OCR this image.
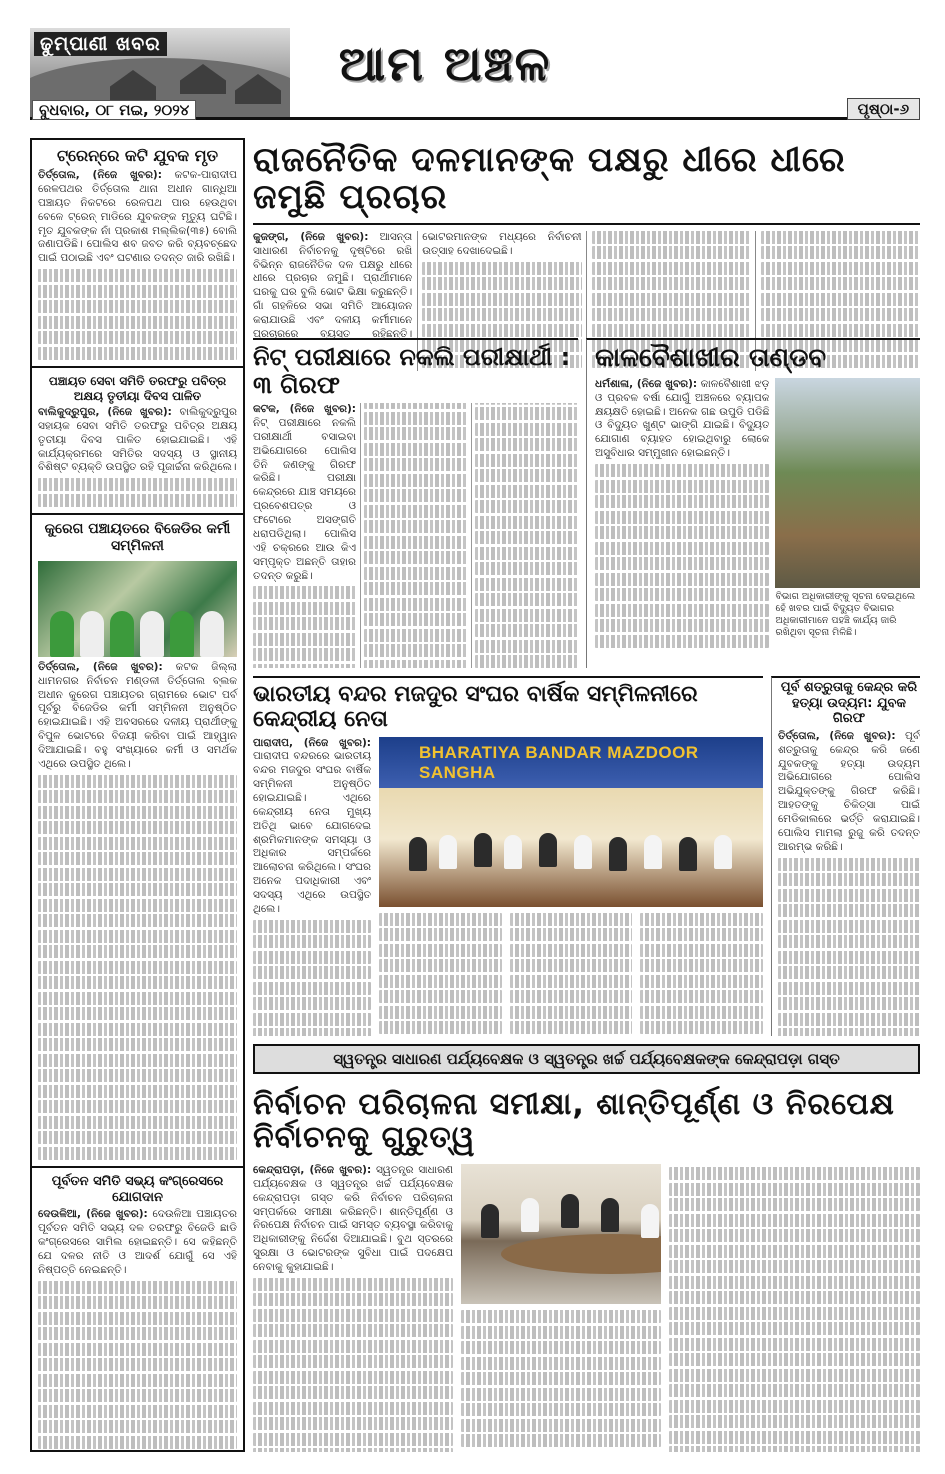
ଢୁମ୍ପାଣୀ ଖବର	ଆମ ଅଞ୍ଚଳ
ବୁଧବାର, ୦୮ ମଇ, ୨୦୨୪	ପୃଷ୍ଠା-୬
ଟ୍ରେନ୍‌ରେ କଟି ଯୁବକ ମୃତ
ତିର୍ତ୍ତୋଲ, (ନିଜେ ଖୁବର): କଟକ-ପାରାଦୀପ ରେଳପଥର ତିର୍ତ୍ତୋଲ ଥାନା ଅଧୀନ ଗାନ୍ଧିଆ ପଞ୍ଚାୟତ ନିକଟରେ ରେଳପଥ ପାର ହେଉଥିବା ବେଳେ ଟ୍ରେନ୍ ମାଡିରେ ଯୁବକଙ୍କ ମୃତ୍ୟୁ ଘଟିଛି। ମୃତ ଯୁବକଙ୍କ ନାଁ ପ୍ରକାଶ ମଲ୍ଲିକ(୩୫) ବୋଲି ଜଣାପଡିଛି। ପୋଲିସ ଶବ ଜବତ କରି ବ୍ୟବଚ୍ଛେଦ ପାଇଁ ପଠାଇଛି ଏବଂ ଘଟଣାର ତଦନ୍ତ ଜାରି ରଖିଛି।
ପଞ୍ଚାୟତ ସେବା ସମିତି ତରଫରୁ ପବିତ୍ର ଅକ୍ଷୟ ତୃତୀୟା ଦିବସ ପାଳିତ
ବାଲିକୁଦ୍ରୁପୁର, (ନିଜେ ଖୁବର): ବାଲିକୁଦ୍ରୁପୁର ସହାୟକ ସେବା ସମିତି ତରଫରୁ ପବିତ୍ର ଅକ୍ଷୟ ତୃତୀୟା ଦିବସ ପାଳିତ ହୋଇଯାଇଛି। ଏହି କାର୍ଯ୍ୟକ୍ରମରେ ସମିତିର ସଦସ୍ୟ ଓ ସ୍ଥାନୀୟ ବିଶିଷ୍ଟ ବ୍ୟକ୍ତି ଉପସ୍ଥିତ ରହି ପୂଜାର୍ଚ୍ଚନା କରିଥିଲେ।
କୁରେଗ ପଞ୍ଚାୟତରେ ବିଜେଡିର କର୍ମୀ ସମ୍ମିଳନୀ
ତିର୍ତ୍ତୋଲ, (ନିଜେ ଖୁବର): କଟକ ଜିଲ୍ଲା ଧାମନଗର ନିର୍ବାଚନ ମଣ୍ଡଳୀ ତିର୍ତ୍ତୋଲ ବ୍ଲକ ଅଧୀନ କୁରେଗ ପଞ୍ଚାୟତର ଗ୍ରାମରେ ଭୋଟ ପର୍ବ ପୂର୍ବରୁ ବିଜେଡିର କର୍ମୀ ସମ୍ମିଳନୀ ଅନୁଷ୍ଠିତ ହୋଇଯାଇଛି। ଏହି ଅବସରରେ ଦଳୀୟ ପ୍ରାର୍ଥୀଙ୍କୁ ବିପୁଳ ଭୋଟରେ ବିଜୟୀ କରିବା ପାଇଁ ଆହ୍ୱାନ ଦିଆଯାଇଛି। ବହୁ ସଂଖ୍ୟାରେ କର୍ମୀ ଓ ସମର୍ଥକ ଏଥିରେ ଉପସ୍ଥିତ ଥିଲେ।
ପୂର୍ବତନ ସମିତି ସଭ୍ୟ କଂଗ୍ରେସରେ ଯୋଗଦାନ
ଦେଉଳିଆ, (ନିଜେ ଖୁବର): ଦେଉଳିଆ ପଞ୍ଚାୟତର ପୂର୍ବତନ ସମିତି ସଭ୍ୟ ଦଳ ତରଫରୁ ବିଜେଡି ଛାଡି କଂଗ୍ରେସରେ ସାମିଲ ହୋଇଛନ୍ତି। ସେ କହିଛନ୍ତି ଯେ ଦଳର ନୀତି ଓ ଆଦର୍ଶ ଯୋଗୁଁ ସେ ଏହି ନିଷ୍ପତ୍ତି ନେଇଛନ୍ତି।
ରାଜନୈତିକ ଦଳମାନଙ୍କ ପକ୍ଷରୁ ଧୀରେ ଧୀରେ ଜମୁଛି ପ୍ରଚାର
କୁଜଙ୍ଗ, (ନିଜେ ଖୁବର): ଆସନ୍ତା ସାଧାରଣ ନିର୍ବାଚନକୁ ଦୃଷ୍ଟିରେ ରଖି ବିଭିନ୍ନ ରାଜନୈତିକ ଦଳ ପକ୍ଷରୁ ଧୀରେ ଧୀରେ ପ୍ରଚାର ଜମୁଛି। ପ୍ରାର୍ଥୀମାନେ ଘରକୁ ଘର ବୁଲି ଭୋଟ ଭିକ୍ଷା କରୁଛନ୍ତି। ଗାଁ ଗହଳିରେ ସଭା ସମିତି ଆୟୋଜନ କରାଯାଉଛି ଏବଂ ଦଳୀୟ କର୍ମୀମାନେ ପ୍ରଚାରରେ ବ୍ୟସ୍ତ ରହିଛନ୍ତି। ଭୋଟରମାନଙ୍କ ମଧ୍ୟରେ ନିର୍ବାଚନୀ ଉତ୍ସାହ ଦେଖାଦେଇଛି।
ନିଟ୍ ପରୀକ୍ଷାରେ ନକଲି ପରୀକ୍ଷାର୍ଥୀ : ୩ ଗିରଫ
କଟକ, (ନିଜେ ଖୁବର): ନିଟ୍ ପରୀକ୍ଷାରେ ନକଲି ପରୀକ୍ଷାର୍ଥୀ ବସାଇବା ଅଭିଯୋଗରେ ପୋଲିସ ତିନି ଜଣଙ୍କୁ ଗିରଫ କରିଛି। ପରୀକ୍ଷା କେନ୍ଦ୍ରରେ ଯାଞ୍ଚ ସମୟରେ ପ୍ରବେଶପତ୍ର ଓ ଫଟୋରେ ଅସଙ୍ଗତି ଧରାପଡିଥିଲା। ପୋଲିସ ଏହି ଚକ୍ରରେ ଆଉ କିଏ ସମ୍ପୃକ୍ତ ଅଛନ୍ତି ତାହାର ତଦନ୍ତ କରୁଛି।
କାଳବୈଶାଖୀର ତାଣ୍ଡବ
ଧର୍ମଶାଳା, (ନିଜେ ଖୁବର): କାଳବୈଶାଖୀ ଝଡ଼ ଓ ପ୍ରବଳ ବର୍ଷା ଯୋଗୁଁ ଅଞ୍ଚଳରେ ବ୍ୟାପକ କ୍ଷୟକ୍ଷତି ହୋଇଛି। ଅନେକ ଗଛ ଉପୁଡି ପଡିଛି ଓ ବିଦ୍ୟୁତ ଖୁଣ୍ଟ ଭାଙ୍ଗି ଯାଇଛି। ବିଦ୍ୟୁତ ଯୋଗାଣ ବ୍ୟାହତ ହୋଇଥିବାରୁ ଲୋକେ ଅସୁବିଧାର ସମ୍ମୁଖୀନ ହୋଇଛନ୍ତି।
ବିଭାଗ ଅଧିକାରୀଙ୍କୁ ସୂଚନା ଦେଇଥିଲେ ହେଁ ଖବର ପାଇଁ ବିଦ୍ୟୁତ ବିଭାଗର ଅଧିକାରୀମାନେ ପହଞ୍ଚି କାର୍ଯ୍ୟ ଜାରି ରଖିଥିବା ସୂଚନା ମିଳିଛି।
ଭାରତୀୟ ବନ୍ଦର ମଜଦୁର ସଂଘର ବାର୍ଷିକ ସମ୍ମିଳନୀରେ କେନ୍ଦ୍ରୀୟ ନେତା
ପାରାଦୀପ, (ନିଜେ ଖୁବର): ପାରାଦୀପ ବନ୍ଦରରେ ଭାରତୀୟ ବନ୍ଦର ମଜଦୁର ସଂଘର ବାର୍ଷିକ ସମ୍ମିଳନୀ ଅନୁଷ୍ଠିତ ହୋଇଯାଇଛି। ଏଥିରେ କେନ୍ଦ୍ରୀୟ ନେତା ମୁଖ୍ୟ ଅତିଥି ଭାବେ ଯୋଗଦେଇ ଶ୍ରମିକମାନଙ୍କ ସମସ୍ୟା ଓ ଅଧିକାର ସମ୍ପର୍କରେ ଆଲୋଚନା କରିଥିଲେ। ସଂଘର ଅନେକ ପଦାଧିକାରୀ ଏବଂ ସଦସ୍ୟ ଏଥିରେ ଉପସ୍ଥିତ ଥିଲେ।
BHARATIYA BANDAR MAZDOOR SANGHA
ପୂର୍ବ ଶତ୍ରୁତାକୁ କେନ୍ଦ୍ର କରି ହତ୍ୟା ଉଦ୍ୟମ: ଯୁବକ ଗିରଫ
ତିର୍ତ୍ତୋଲ, (ନିଜେ ଖୁବର): ପୂର୍ବ ଶତ୍ରୁତାକୁ କେନ୍ଦ୍ର କରି ଜଣେ ଯୁବକଙ୍କୁ ହତ୍ୟା ଉଦ୍ୟମ ଅଭିଯୋଗରେ ପୋଲିସ ଅଭିଯୁକ୍ତଙ୍କୁ ଗିରଫ କରିଛି। ଆହତଙ୍କୁ ଚିକିତ୍ସା ପାଇଁ ମେଡିକାଲରେ ଭର୍ତ୍ତି କରାଯାଇଛି। ପୋଲିସ ମାମଲା ରୁଜୁ କରି ତଦନ୍ତ ଆରମ୍ଭ କରିଛି।
ସ୍ୱତନ୍ତ୍ର ସାଧାରଣ ପର୍ଯ୍ୟବେକ୍ଷକ ଓ ସ୍ୱତନ୍ତ୍ର ଖର୍ଚ୍ଚ ପର୍ଯ୍ୟବେକ୍ଷକଙ୍କ କେନ୍ଦ୍ରାପଡ଼ା ଗସ୍ତ
ନିର୍ବାଚନ ପରିଚାଳନା ସମୀକ୍ଷା, ଶାନ୍ତିପୂର୍ଣ୍ଣ ଓ ନିରପେକ୍ଷ ନିର୍ବାଚନକୁ ଗୁରୁତ୍ୱ
କେନ୍ଦ୍ରାପଡ଼ା, (ନିଜେ ଖୁବର): ସ୍ୱତନ୍ତ୍ର ସାଧାରଣ ପର୍ଯ୍ୟବେକ୍ଷକ ଓ ସ୍ୱତନ୍ତ୍ର ଖର୍ଚ୍ଚ ପର୍ଯ୍ୟବେକ୍ଷକ କେନ୍ଦ୍ରାପଡ଼ା ଗସ୍ତ କରି ନିର୍ବାଚନ ପରିଚାଳନା ସମ୍ପର୍କରେ ସମୀକ୍ଷା କରିଛନ୍ତି। ଶାନ୍ତିପୂର୍ଣ୍ଣ ଓ ନିରପେକ୍ଷ ନିର୍ବାଚନ ପାଇଁ ସମସ୍ତ ବ୍ୟବସ୍ଥା କରିବାକୁ ଅଧିକାରୀଙ୍କୁ ନିର୍ଦ୍ଦେଶ ଦିଆଯାଇଛି। ବୁଥ ସ୍ତରରେ ସୁରକ୍ଷା ଓ ଭୋଟରଙ୍କ ସୁବିଧା ପାଇଁ ପଦକ୍ଷେପ ନେବାକୁ କୁହାଯାଇଛି।
